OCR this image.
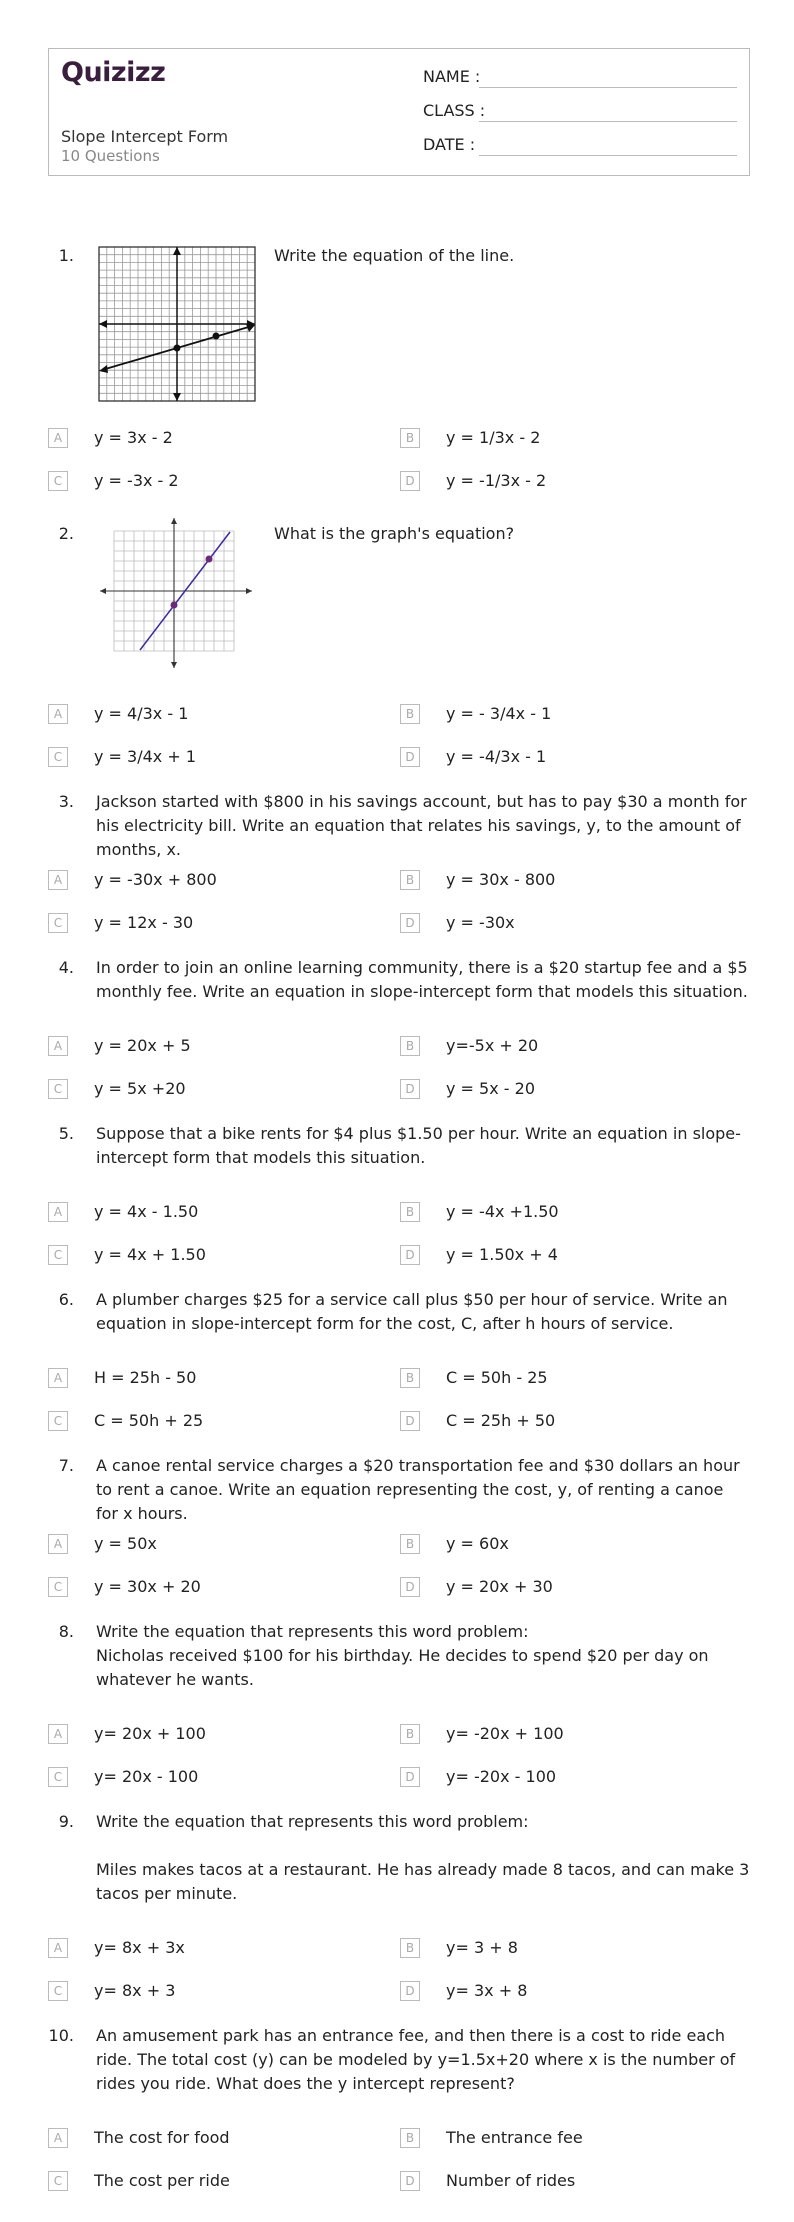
Quizizz
Slope Intercept Form
10 Questions
NAME :
CLASS :
DATE :
1.	Write the equation of the line.
A	y = 3x - 2	B	y = 1/3x - 2
C	y = -3x - 2	D	y = -1/3x - 2
2.	What is the graph's equation?
A	y = 4/3x - 1	B	y = - 3/4x - 1
C	y = 3/4x + 1	D	y = -4/3x - 1
3. Jackson started with $800 in his savings account, but has to pay $30 a month for his electricity bill. Write an equation that relates his savings, y, to the amount of months, x.
A	y = -30x + 800	B	y = 30x - 800
C	y = 12x - 30	D	y = -30x
4. In order to join an online learning community, there is a $20 startup fee and a $5 monthly fee. Write an equation in slope-intercept form that models this situation.
A	y = 20x + 5	B	y=-5x + 20
C	y = 5x +20	D	y = 5x - 20
5. Suppose that a bike rents for $4 plus $1.50 per hour. Write an equation in slope-intercept form that models this situation.
A	y = 4x - 1.50	B	y = -4x +1.50
C	y = 4x + 1.50	D	y = 1.50x + 4
6. A plumber charges $25 for a service call plus $50 per hour of service. Write an equation in slope-intercept form for the cost, C, after h hours of service.
A	H = 25h - 50	B	C = 50h - 25
C	C = 50h + 25	D	C = 25h + 50
7. A canoe rental service charges a $20 transportation fee and $30 dollars an hour to rent a canoe. Write an equation representing the cost, y, of renting a canoe for x hours.
A	y = 50x	B	y = 60x
C	y = 30x + 20	D	y = 20x + 30
8. Write the equation that represents this word problem:
Nicholas received $100 for his birthday. He decides to spend $20 per day on whatever he wants.
A	y= 20x + 100	B	y= -20x + 100
C	y= 20x - 100	D	y= -20x - 100
9. Write the equation that represents this word problem:

Miles makes tacos at a restaurant. He has already made 8 tacos, and can make 3 tacos per minute.
A	y= 8x + 3x	B	y= 3 + 8
C	y= 8x + 3	D	y= 3x + 8
10. An amusement park has an entrance fee, and then there is a cost to ride each ride. The total cost (y) can be modeled by y=1.5x+20 where x is the number of rides you ride. What does the y intercept represent?
A	The cost for food	B	The entrance fee
C	The cost per ride	D	Number of rides
